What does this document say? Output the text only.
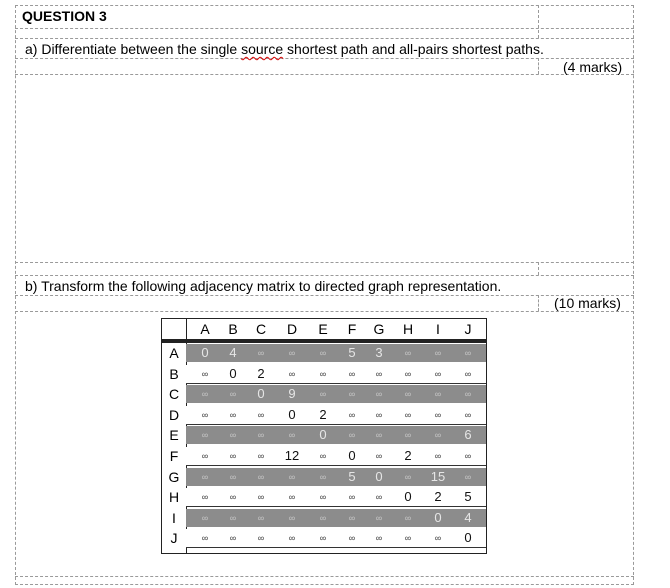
QUESTION 3
a) Differentiate between the single source shortest path and all-pairs shortest paths.
(4 marks)
b) Transform the following adjacency matrix to directed graph representation.
(10 marks)
A	B	C	D	E	F	G	H	I	J
A	0	4	∞	∞	∞	5	3	∞	∞	∞
B	∞	0	2	∞	∞	∞	∞	∞	∞	∞
C	∞	∞	0	9	∞	∞	∞	∞	∞	∞
D	∞	∞	∞	0	2	∞	∞	∞	∞	∞
E	∞	∞	∞	∞	0	∞	∞	∞	∞	6
F	∞	∞	∞	12	∞	0	∞	2	∞	∞
G	∞	∞	∞	∞	∞	5	0	∞	15	∞
H	∞	∞	∞	∞	∞	∞	∞	0	2	5
I	∞	∞	∞	∞	∞	∞	∞	∞	0	4
J	∞	∞	∞	∞	∞	∞	∞	∞	∞	0
